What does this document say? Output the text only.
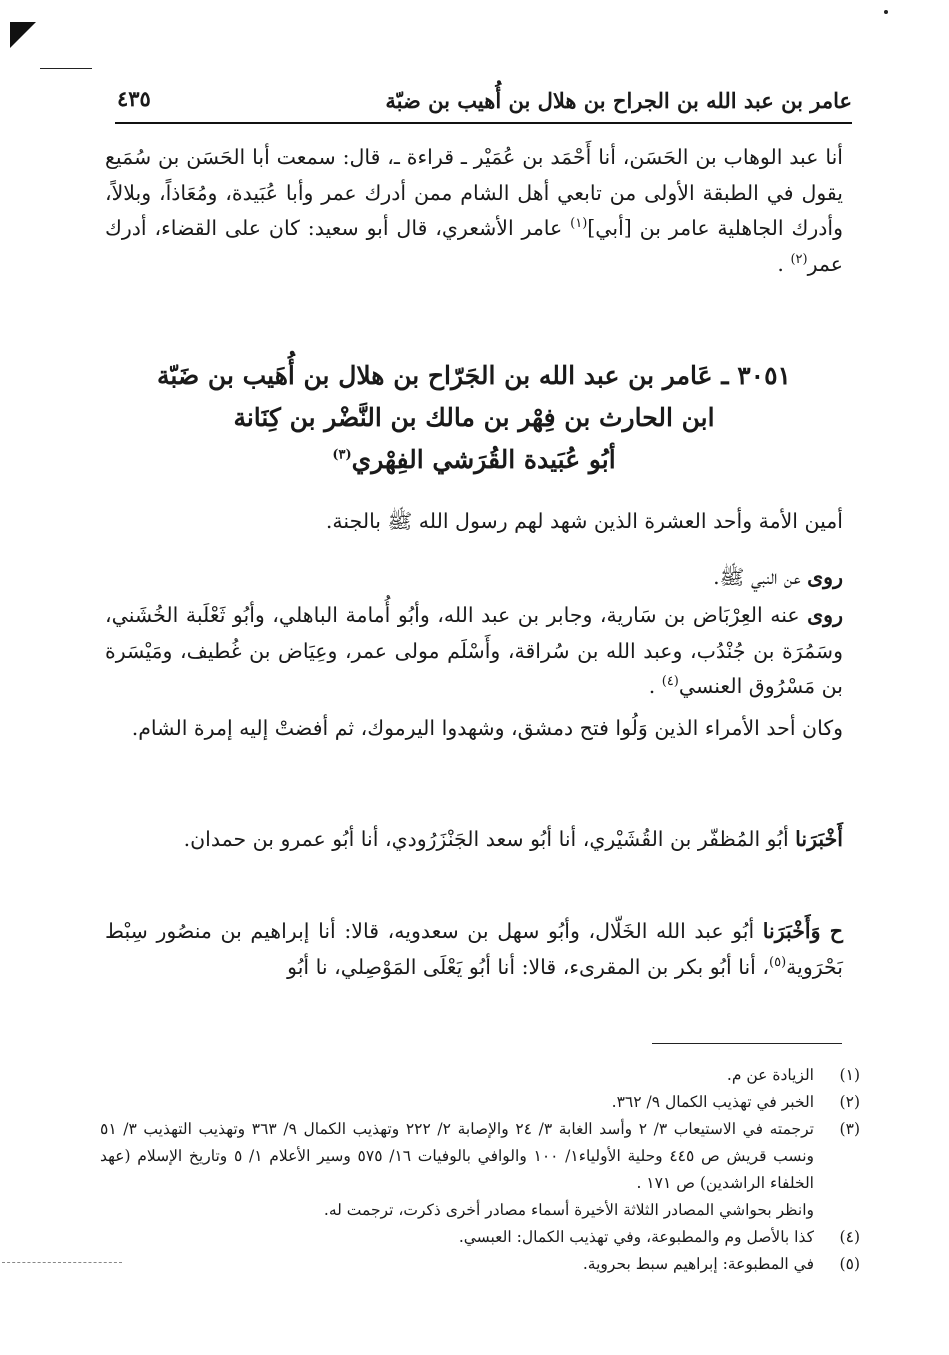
عامر بن عبد الله بن الجراح بن هلال بن أُهيب بن ضبّة
٤٣٥
أنا عبد الوهاب بن الحَسَن، أنا أَحْمَد بن عُمَيْر ـ قراءة ـ، قال: سمعت أبا الحَسَن بن سُمَيع يقول في الطبقة الأولى من تابعي أهل الشام ممن أدرك عمر وأبا عُبَيدة، ومُعَاذاً، وبلالاً، وأدرك الجاهلية عامر بن [أبي]$^{(١)}$ عامر الأشعري، قال أبو سعيد: كان على القضاء، أدرك عمر$^{(٢)}$ .
٣٠٥١ ـ عَامر بن عبد الله بن الجَرّاح بن هلال بن أُهَيب بن ضَبّة
ابن الحارث بن فِهْر بن مالك بن النَّضْر بن كِنَانة
أبُو عُبَيدة القُرَشي الفِهْري$^{(٣)}$
أمين الأمة وأحد العشرة الذين شهد لهم رسول الله ﷺ بالجنة.
روى عن النبي ﷺ.
روى عنه العِرْبَاض بن سَارية، وجابر بن عبد الله، وأبُو أُمامة الباهلي، وأبُو ثَعْلَبة الخُشَني، وسَمُرَة بن جُنْدُب، وعبد الله بن سُراقة، وأَسْلَم مولى عمر، وعِيَاض بن غُطيف، ومَيْسَرة بن مَسْرُوق العنسي$^{(٤)}$ .
وكان أحد الأمراء الذين وَلُوا فتح دمشق، وشهدوا اليرموك، ثم أفضتْ إليه إمرة الشام.
أَخْبَرَنا أبُو المُظفّر بن القُشَيْري، أنا أبُو سعد الجَنْزَرُودي، أنا أبُو عمرو بن حمدان.
ح وَأَخْبَرَنا أبُو عبد الله الخَلّال، وأبُو سهل بن سعدويه، قالا: أنا إبراهيم بن منصُور سِبْط بَحْرَوية$^{(٥)}$، أنا أبُو بكر بن المقرىء، قالا: أنا أبُو يَعْلَى المَوْصِلي، نا أبُو
(١)
الزيادة عن م.
(٢)
الخبر في تهذيب الكمال ٩/ ٣٦٢.
(٣)
ترجمته في الاستيعاب ٣/ ٢ وأسد الغابة ٣/ ٢٤ والإصابة ٢/ ٢٢٢ وتهذيب الكمال ٩/ ٣٦٣ وتهذيب التهذيب ٣/ ٥١ ونسب قريش ص ٤٤٥ وحلية الأولياء١/ ١٠٠ والوافي بالوفيات ١٦/ ٥٧٥ وسير الأعلام ١/ ٥ وتاريخ الإسلام (عهد الخلفاء الراشدين) ص ١٧١ .
وانظر بحواشي المصادر الثلاثة الأخيرة أسماء مصادر أخرى ذكرت، ترجمت له.
(٤)
كذا بالأصل وم والمطبوعة، وفي تهذيب الكمال: العبسي.
(٥)
في المطبوعة: إبراهيم سبط بحروية.
